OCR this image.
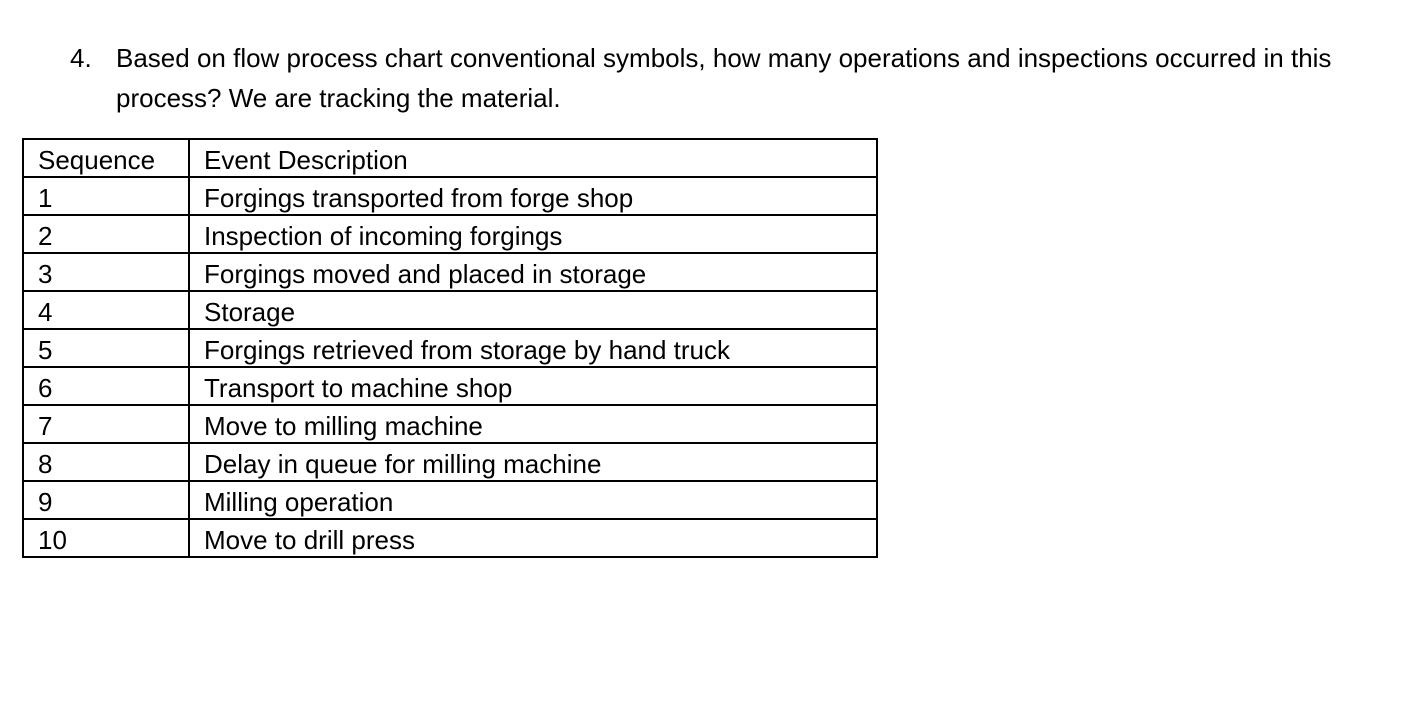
4. Based on flow process chart conventional symbols, how many operations and inspections occurred in this process? We are tracking the material.
Sequence	Event Description
1	Forgings transported from forge shop
2	Inspection of incoming forgings
3	Forgings moved and placed in storage
4	Storage
5	Forgings retrieved from storage by hand truck
6	Transport to machine shop
7	Move to milling machine
8	Delay in queue for milling machine
9	Milling operation
10	Move to drill press
